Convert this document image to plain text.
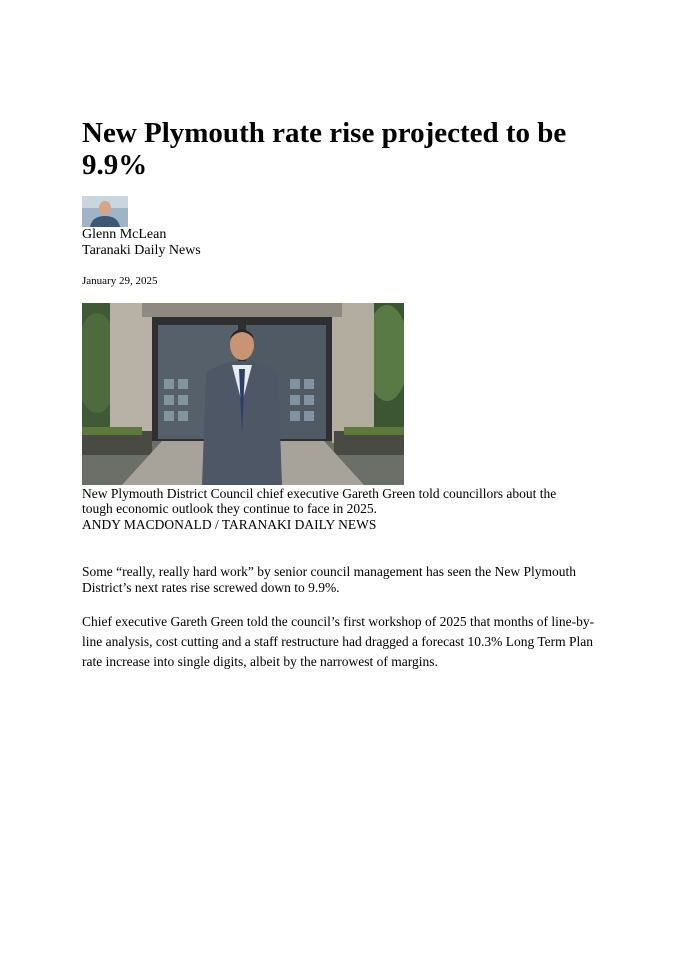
New Plymouth rate rise projected to be 9.9%
Glenn McLean
Taranaki Daily News
January 29, 2025
New Plymouth District Council chief executive Gareth Green told councillors about the tough economic outlook they continue to face in 2025.
ANDY MACDONALD / TARANAKI DAILY NEWS

Some “really, really hard work” by senior council management has seen the New Plymouth District’s next rates rise screwed down to 9.9%.

Chief executive Gareth Green told the council’s first workshop of 2025 that months of line-by-line analysis, cost cutting and a staff restructure had dragged a forecast 10.3% Long Term Plan rate increase into single digits, albeit by the narrowest of margins.
